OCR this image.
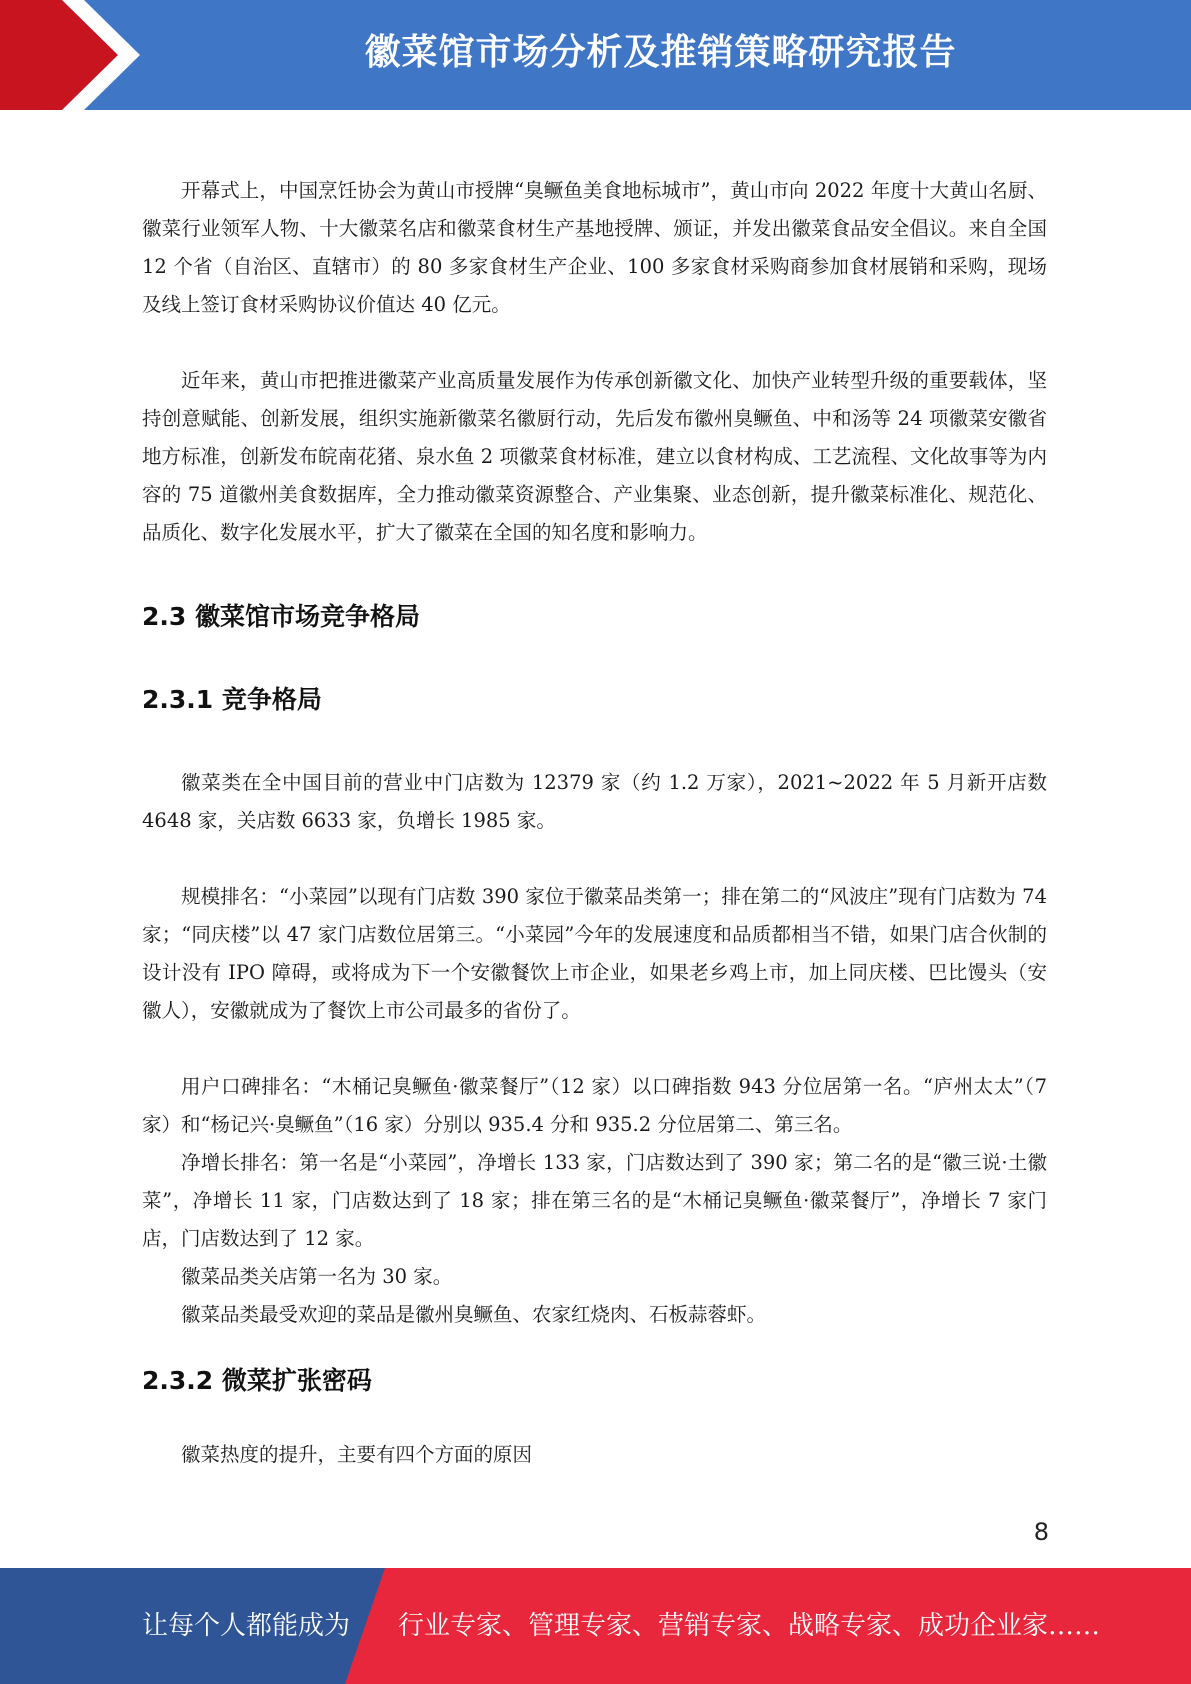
徽菜馆市场分析及推销策略研究报告

开幕式上，中国烹饪协会为黄山市授牌“臭鳜鱼美食地标城市”，黄山市向 2022 年度十大黄山名厨、徽菜行业领军人物、十大徽菜名店和徽菜食材生产基地授牌、颁证，并发出徽菜食品安全倡议。来自全国 12 个省（自治区、直辖市）的 80 多家食材生产企业、100 多家食材采购商参加食材展销和采购，现场及线上签订食材采购协议价值达 40 亿元。

近年来，黄山市把推进徽菜产业高质量发展作为传承创新徽文化、加快产业转型升级的重要载体，坚持创意赋能、创新发展，组织实施新徽菜名徽厨行动，先后发布徽州臭鳜鱼、中和汤等 24 项徽菜安徽省地方标准，创新发布皖南花猪、泉水鱼 2 项徽菜食材标准，建立以食材构成、工艺流程、文化故事等为内容的 75 道徽州美食数据库，全力推动徽菜资源整合、产业集聚、业态创新，提升徽菜标准化、规范化、品质化、数字化发展水平，扩大了徽菜在全国的知名度和影响力。

2.3 徽菜馆市场竞争格局
2.3.1 竞争格局

徽菜类在全中国目前的营业中门店数为 12379 家（约 1.2 万家），2021~2022 年 5 月新开店数 4648 家，关店数 6633 家，负增长 1985 家。

规模排名：“小菜园”以现有门店数 390 家位于徽菜品类第一；排在第二的“风波庄”现有门店数为 74 家；“同庆楼”以 47 家门店数位居第三。“小菜园”今年的发展速度和品质都相当不错，如果门店合伙制的设计没有 IPO 障碍，或将成为下一个安徽餐饮上市企业，如果老乡鸡上市，加上同庆楼、巴比馒头（安徽人），安徽就成为了餐饮上市公司最多的省份了。

用户口碑排名：“木桶记臭鳜鱼·徽菜餐厅”（12 家）以口碑指数 943 分位居第一名。“庐州太太”（7 家）和“杨记兴·臭鳜鱼”（16 家）分别以 935.4 分和 935.2 分位居第二、第三名。

净增长排名：第一名是“小菜园”，净增长 133 家，门店数达到了 390 家；第二名的是“徽三说·土徽菜”，净增长 11 家，门店数达到了 18 家；排在第三名的是“木桶记臭鳜鱼·徽菜餐厅”，净增长 7 家门店，门店数达到了 12 家。

徽菜品类关店第一名为 30 家。

徽菜品类最受欢迎的菜品是徽州臭鳜鱼、农家红烧肉、石板蒜蓉虾。

2.3.2 微菜扩张密码

徽菜热度的提升，主要有四个方面的原因

8
让每个人都能成为 行业专家、管理专家、营销专家、战略专家、成功企业家……
